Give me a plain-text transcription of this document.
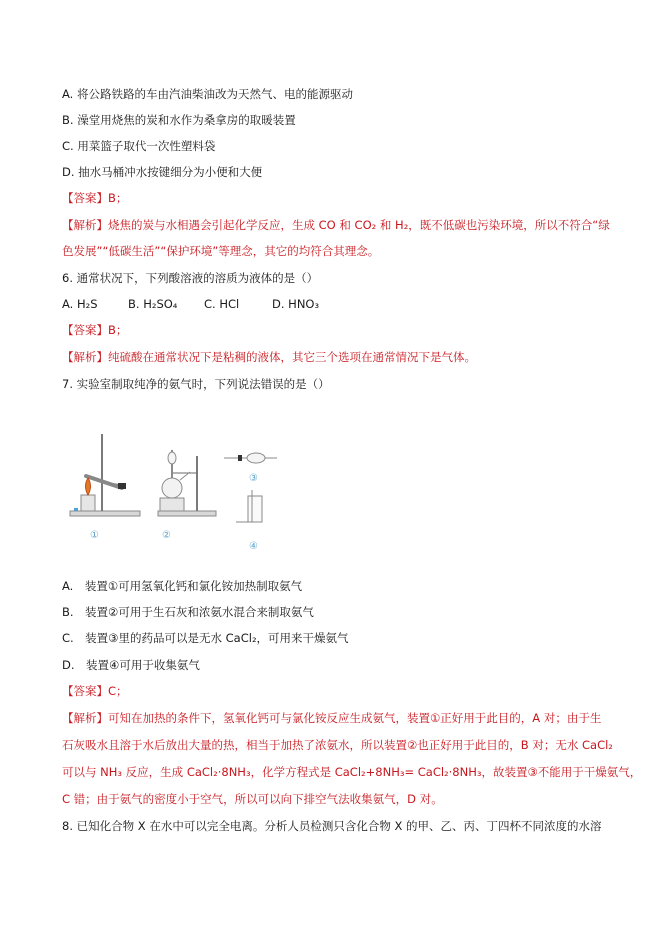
A. 将公路铁路的车由汽油柴油改为天然气、电的能源驱动
B. 澡堂用烧焦的炭和水作为桑拿房的取暖装置
C. 用菜篮子取代一次性塑料袋
D. 抽水马桶冲水按键细分为小便和大便
【答案】B；
【解析】烧焦的炭与水相遇会引起化学反应，生成 CO 和 CO₂ 和 H₂，既不低碳也污染环境，所以不符合“绿
色发展”“低碳生活”“保护环境”等理念，其它的均符合其理念。
6. 通常状况下，下列酸溶液的溶质为液体的是（）
A. H₂S	B. H₂SO₄ C. HCl	D. HNO₃
【答案】B；
【解析】纯硫酸在通常状况下是粘稠的液体，其它三个选项在通常情况下是气体。
7. 实验室制取纯净的氨气时，下列说法错误的是（）
①	②
③
④
A.　装置①可用氢氧化钙和氯化铵加热制取氨气
B.　装置②可用于生石灰和浓氨水混合来制取氨气
C.　装置③里的药品可以是无水 CaCl₂，可用来干燥氨气
D.　装置④可用于收集氨气
【答案】C；
【解析】可知在加热的条件下，氢氧化钙可与氯化铵反应生成氨气，装置①正好用于此目的，A 对；由于生
石灰吸水且溶于水后放出大量的热，相当于加热了浓氨水，所以装置②也正好用于此目的，B 对；无水 CaCl₂
可以与 NH₃ 反应，生成 CaCl₂·8NH₃，化学方程式是 CaCl₂+8NH₃= CaCl₂·8NH₃，故装置③不能用于干燥氨气，
C 错；由于氨气的密度小于空气，所以可以向下排空气法收集氨气，D 对。
8. 已知化合物 X 在水中可以完全电离。分析人员检测只含化合物 X 的甲、乙、丙、丁四杯不同浓度的水溶
